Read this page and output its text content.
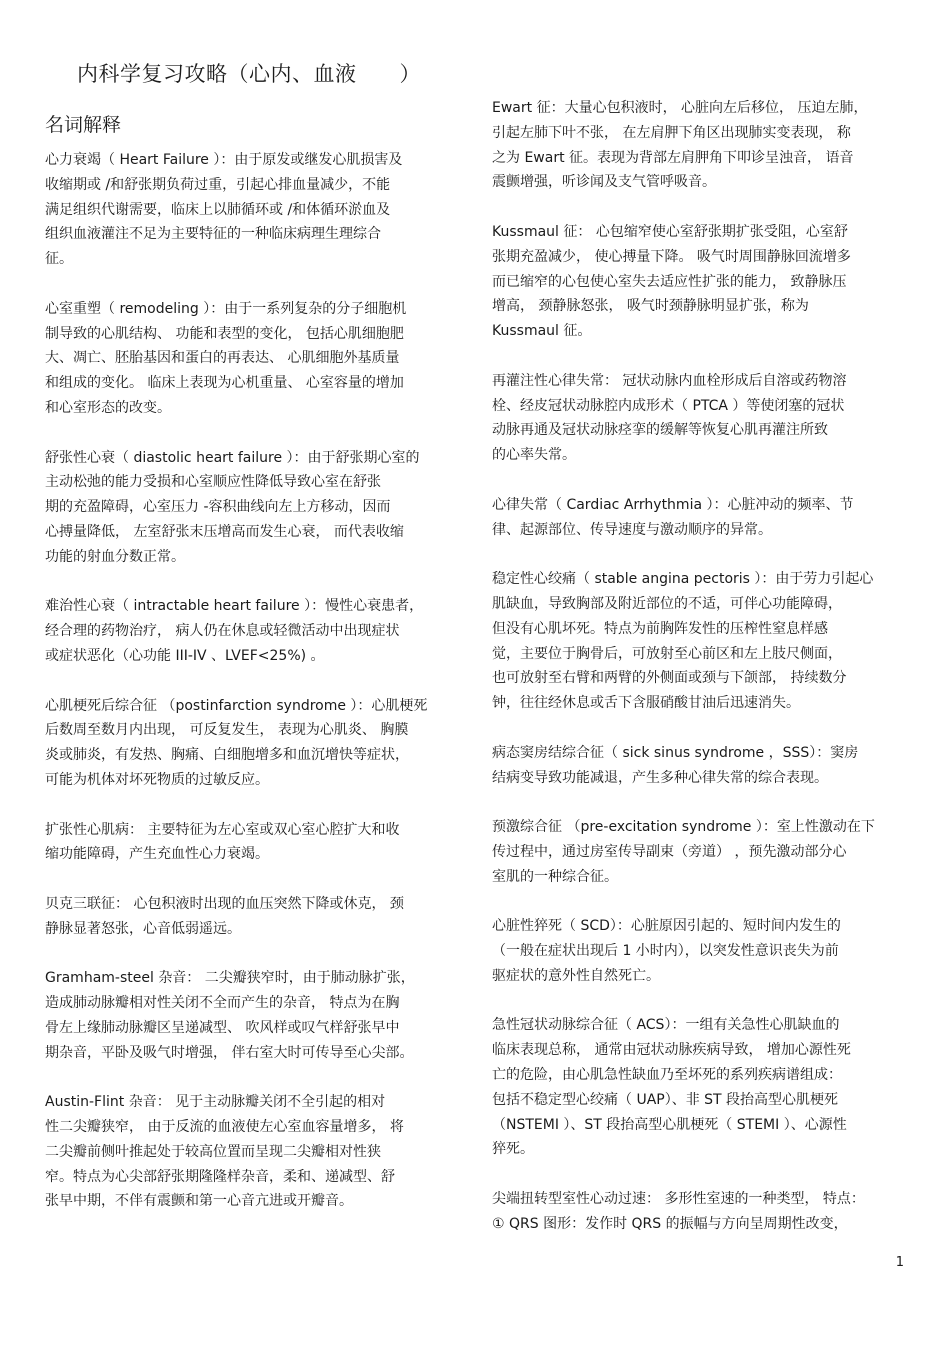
内科学复习攻略（心内、血液      ）
名词解释

心力衰竭（ Heart Failure ）：由于原发或继发心肌损害及
收缩期或 /和舒张期负荷过重，引起心排血量减少，不能
满足组织代谢需要，临床上以肺循环或 /和体循环淤血及
组织血液灌注不足为主要特征的一种临床病理生理综合
征。

心室重塑（ remodeling ）：由于一系列复杂的分子细胞机
制导致的心肌结构、 功能和表型的变化， 包括心肌细胞肥
大、凋亡、胚胎基因和蛋白的再表达、 心肌细胞外基质量
和组成的变化。 临床上表现为心机重量、 心室容量的增加
和心室形态的改变。

舒张性心衰（ diastolic heart failure ）：由于舒张期心室的
主动松弛的能力受损和心室顺应性降低导致心室在舒张
期的充盈障碍，心室压力 -容积曲线向左上方移动，因而
心搏量降低， 左室舒张末压增高而发生心衰， 而代表收缩
功能的射血分数正常。

难治性心衰（ intractable heart failure ）：慢性心衰患者，
经合理的药物治疗， 病人仍在休息或轻微活动中出现症状
或症状恶化（心功能 III-IV 、LVEF<25%) 。

心肌梗死后综合征 （postinfarction syndrome ）：心肌梗死
后数周至数月内出现， 可反复发生， 表现为心肌炎、 胸膜
炎或肺炎，有发热、胸痛、白细胞增多和血沉增快等症状，
可能为机体对坏死物质的过敏反应。

扩张性心肌病： 主要特征为左心室或双心室心腔扩大和收
缩功能障碍，产生充血性心力衰竭。

贝克三联征： 心包积液时出现的血压突然下降或休克， 颈
静脉显著怒张，心音低弱遥远。

Gramham-steel 杂音： 二尖瓣狭窄时，由于肺动脉扩张，
造成肺动脉瓣相对性关闭不全而产生的杂音， 特点为在胸
骨左上缘肺动脉瓣区呈递减型、 吹风样或叹气样舒张早中
期杂音，平卧及吸气时增强， 伴右室大时可传导至心尖部。

Austin-Flint 杂音： 见于主动脉瓣关闭不全引起的相对
性二尖瓣狭窄， 由于反流的血液使左心室血容量增多， 将
二尖瓣前侧叶推起处于较高位置而呈现二尖瓣相对性狭
窄。特点为心尖部舒张期隆隆样杂音，柔和、递减型、舒
张早中期，不伴有震颤和第一心音亢进或开瓣音。

Ewart 征：大量心包积液时， 心脏向左后移位， 压迫左肺，
引起左肺下叶不张， 在左肩胛下角区出现肺实变表现， 称
之为 Ewart 征。表现为背部左肩胛角下叩诊呈浊音， 语音
震颤增强，听诊闻及支气管呼吸音。

Kussmaul 征： 心包缩窄使心室舒张期扩张受阻，心室舒
张期充盈减少， 使心搏量下降。 吸气时周围静脉回流增多
而已缩窄的心包使心室失去适应性扩张的能力， 致静脉压
增高， 颈静脉怒张， 吸气时颈静脉明显扩张，称为
Kussmaul 征。

再灌注性心律失常： 冠状动脉内血栓形成后自溶或药物溶
栓、经皮冠状动脉腔内成形术（ PTCA ）等使闭塞的冠状
动脉再通及冠状动脉痉挛的缓解等恢复心肌再灌注所致
的心率失常。

心律失常（ Cardiac Arrhythmia ）：心脏冲动的频率、节
律、起源部位、传导速度与激动顺序的异常。

稳定性心绞痛（ stable angina pectoris ）：由于劳力引起心
肌缺血，导致胸部及附近部位的不适，可伴心功能障碍，
但没有心肌坏死。特点为前胸阵发性的压榨性窒息样感
觉，主要位于胸骨后，可放射至心前区和左上肢尺侧面，
也可放射至右臂和两臂的外侧面或颈与下颌部， 持续数分
钟，往往经休息或舌下含服硝酸甘油后迅速消失。

病态窦房结综合征（ sick sinus syndrome ，SSS）：窦房
结病变导致功能减退，产生多种心律失常的综合表现。

预激综合征 （pre-excitation syndrome ）：室上性激动在下
传过程中，通过房室传导副束（旁道） ，预先激动部分心
室肌的一种综合征。

心脏性猝死（ SCD）：心脏原因引起的、短时间内发生的
（一般在症状出现后 1 小时内），以突发性意识丧失为前
驱症状的意外性自然死亡。

急性冠状动脉综合征（ ACS）：一组有关急性心肌缺血的
临床表现总称， 通常由冠状动脉疾病导致， 增加心源性死
亡的危险，由心肌急性缺血乃至坏死的系列疾病谱组成：
包括不稳定型心绞痛（ UAP）、非 ST 段抬高型心肌梗死
（NSTEMI ）、ST 段抬高型心肌梗死（ STEMI ）、心源性
猝死。

尖端扭转型室性心动过速： 多形性室速的一种类型， 特点：
① QRS 图形：发作时 QRS 的振幅与方向呈周期性改变，

1
